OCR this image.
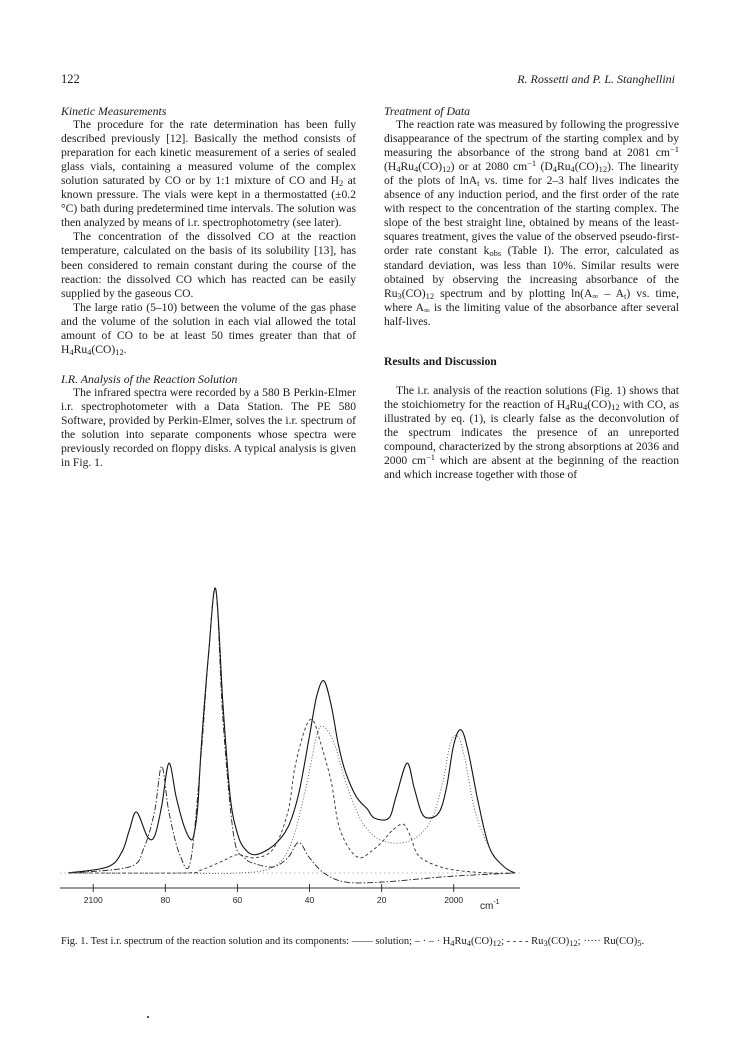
122	R. Rossetti and P. L. Stanghellini
Kinetic Measurements

The procedure for the rate determination has been fully described previously [12]. Basically the method consists of preparation for each kinetic measurement of a series of sealed glass vials, containing a measured volume of the complex solution saturated by CO or by 1:1 mixture of CO and $H_2$ at known pressure. The vials were kept in a thermostatted (±0.2 °C) bath during predetermined time intervals. The solution was then analyzed by means of i.r. spectrophotometry (see later).

The concentration of the dissolved CO at the reaction temperature, calculated on the basis of its solubility [13], has been considered to remain constant during the course of the reaction: the dissolved CO which has reacted can be easily supplied by the gaseous CO.

The large ratio (5–10) between the volume of the gas phase and the volume of the solution in each vial allowed the total amount of CO to be at least 50 times greater than that of $H_4Ru_4(CO)_{12}$.

I.R. Analysis of the Reaction Solution

The infrared spectra were recorded by a 580 B Perkin-Elmer i.r. spectrophotometer with a Data Station. The PE 580 Software, provided by Perkin-Elmer, solves the i.r. spectrum of the solution into separate components whose spectra were previously recorded on floppy disks. A typical analysis is given in Fig. 1.

Treatment of Data

The reaction rate was measured by following the progressive disappearance of the spectrum of the starting complex and by measuring the absorbance of the strong band at 2081 $cm^{-1}$ $(H_4Ru_4(CO)_{12})$ or at 2080 $cm^{-1}$ $(D_4Ru_4(CO)_{12})$. The linearity of the plots of lnA$_t$ vs. time for 2–3 half lives indicates the absence of any induction period, and the first order of the rate with respect to the concentration of the starting complex. The slope of the best straight line, obtained by means of the least-squares treatment, gives the value of the observed pseudo-first-order rate constant $k_{obs}$ (Table I). The error, calculated as standard deviation, was less than 10%. Similar results were obtained by observing the increasing absorbance of the $Ru_3(CO)_{12}$ spectrum and by plotting $\ln(A_\infty - A_t)$ vs. time, where $A_\infty$ is the limiting value of the absorbance after several half-lives.

Results and Discussion

The i.r. analysis of the reaction solutions (Fig. 1) shows that the stoichiometry for the reaction of $H_4Ru_4(CO)_{12}$ with CO, as illustrated by eq. (1), is clearly false as the deconvolution of the spectrum indicates the presence of an unreported compound, characterized by the strong absorptions at 2036 and 2000 $cm^{-1}$ which are absent at the beginning of the reaction and which increase together with those of

2100	80	60	40	20	2000
$cm^{-1}$
Fig. 1. Test i.r. spectrum of the reaction solution and its components: —— solution; – · – · $H_4Ru_4(CO)_{12}$; - - - - $Ru_3(CO)_{12}$; ····· $Ru(CO)_5$.
